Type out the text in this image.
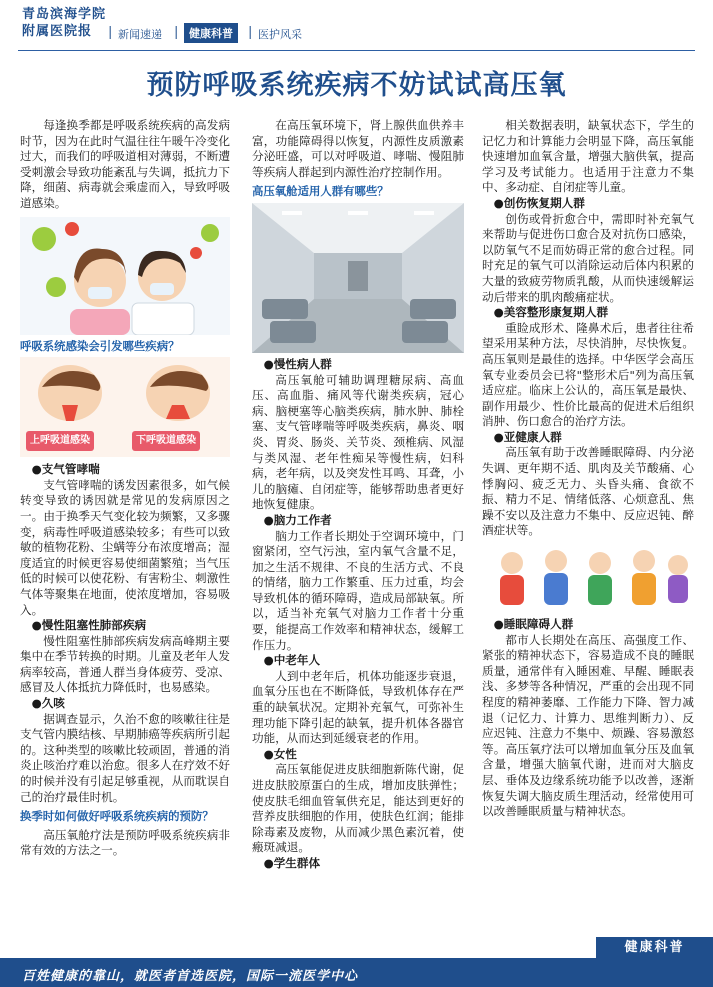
青岛滨海学院
附属医院报	| 新闻速递 | 健康科普	| 医护风采
预防呼吸系统疾病不妨试试高压氧

每逢换季都是呼吸系统疾病的高发病时节，因为在此时气温往往午暖午冷变化过大，而我们的呼吸道相对薄弱，不断遭受刺激会导致功能紊乱与失调，抵抗力下降，细菌、病毒就会乘虚而入，导致呼吸道感染。

呼吸系统感染会引发哪些疾病？
上呼吸道感染	下呼吸道感染

●支气管哮喘

支气管哮喘的诱发因素很多，如气候转变导致的诱因就是常见的发病原因之一。由于换季天气变化较为频繁，又多骤变，病毒性呼吸道感染较多；有些可以致敏的植物花粉、尘螨等分布浓度增高；湿度适宜的时候更容易使细菌繁殖；当气压低的时候可以使花粉、有害粉尘、刺激性气体等聚集在地面，使浓度增加，容易吸入。

●慢性阻塞性肺部疾病

慢性阻塞性肺部疾病发病高峰期主要集中在季节转换的时期。儿童及老年人发病率较高，普通人群当身体疲劳、受凉、感冒及人体抵抗力降低时，也易感染。

●久咳

据调查显示，久治不愈的咳嗽往往是支气管内膜结核、早期肺癌等疾病所引起的。这种类型的咳嗽比较顽固，普通的消炎止咳治疗难以治愈。很多人在疗效不好的时候并没有引起足够重视，从而耽误自己的治疗最佳时机。

换季时如何做好呼吸系统疾病的预防？

高压氧舱疗法是预防呼吸系统疾病非常有效的方法之一。

在高压氧环境下，肾上腺供血供养丰富，功能障碍得以恢复，内源性皮质激素分泌旺盛，可以对呼吸道、哮喘、慢阻肺等疾病人群起到内源性治疗控制作用。

高压氧舱适用人群有哪些？

●慢性病人群

高压氧舱可辅助调理糖尿病、高血压、高血脂、痛风等代谢类疾病，冠心病、脑梗塞等心脑类疾病，肺水肿、肺栓塞、支气管哮喘等呼吸类疾病，鼻炎、咽炎、胃炎、肠炎、关节炎、颈椎病、风湿与类风湿、老年性痴呆等慢性病，妇科病，老年病，以及突发性耳鸣、耳聋，小儿的脑瘫、自闭症等，能够帮助患者更好地恢复健康。

●脑力工作者

脑力工作者长期处于空调环境中，门窗紧闭，空气污浊，室内氧气含量不足，加之生活不规律、不良的生活方式、不良的情绪，脑力工作繁重、压力过重，均会导致机体的循环障碍，造成局部缺氧。所以，适当补充氧气对脑力工作者十分重要，能提高工作效率和精神状态，缓解工作压力。

●中老年人

人到中老年后，机体功能逐步衰退，血氧分压也在不断降低，导致机体存在严重的缺氧状况。定期补充氧气，可弥补生理功能下降引起的缺氧，提升机体各器官功能，从而达到延缓衰老的作用。

●女性

高压氧能促进皮肤细胞新陈代谢，促进皮肤胶原蛋白的生成，增加皮肤弹性；使皮肤毛细血管氧供充足，能达到更好的营养皮肤细胞的作用，使肤色红润；能排除毒素及废物，从而减少黑色素沉着，使瘢斑减退。

●学生群体

相关数据表明，缺氧状态下，学生的记忆力和计算能力会明显下降，高压氧能快速增加血氧含量，增强大脑供氧，提高学习及考试能力。也适用于注意力不集中、多动症、自闭症等儿童。

●创伤恢复期人群

创伤或骨折愈合中，需即时补充氧气来帮助与促进伤口愈合及对抗伤口感染，以防氧气不足而妨碍正常的愈合过程。同时充足的氧气可以消除运动后体内积累的大量的致疲劳物质乳酸，从而快速缓解运动后带来的肌肉酸痛症状。

●美容整形康复期人群

重睑成形术、隆鼻术后，患者往往希望采用某种方法，尽快消肿，尽快恢复。高压氧则是最佳的选择。中华医学会高压氧专业委员会已将"整形术后"列为高压氧适应症。临床上公认的，高压氧是最快、副作用最少、性价比最高的促进术后组织消肿、伤口愈合的治疗方法。

●亚健康人群

高压氧有助于改善睡眠障碍、内分泌失调、更年期不适、肌肉及关节酸痛、心悸胸闷、疲乏无力、头昏头痛、食欲不振、精力不足、情绪低落、心烦意乱、焦躁不安以及注意力不集中、反应迟钝、醉酒症状等。

●睡眠障碍人群

都市人长期处在高压、高强度工作、紧张的精神状态下，容易造成不良的睡眠质量，通常伴有入睡困难、早醒、睡眠表浅、多梦等各种情况，严重的会出现不同程度的精神萎靡、工作能力下降、智力减退（记忆力、计算力、思维判断力）、反应迟钝、注意力不集中、烦躁、容易激怒等。高压氧疗法可以增加血氧分压及血氧含量，增强大脑氧代谢，进而对大脑皮层、垂体及边缘系统功能予以改善，逐渐恢复失调大脑皮质生理活动，经常使用可以改善睡眠质量与精神状态。

健康科普
百姓健康的靠山，就医者首选医院，国际一流医学中心
